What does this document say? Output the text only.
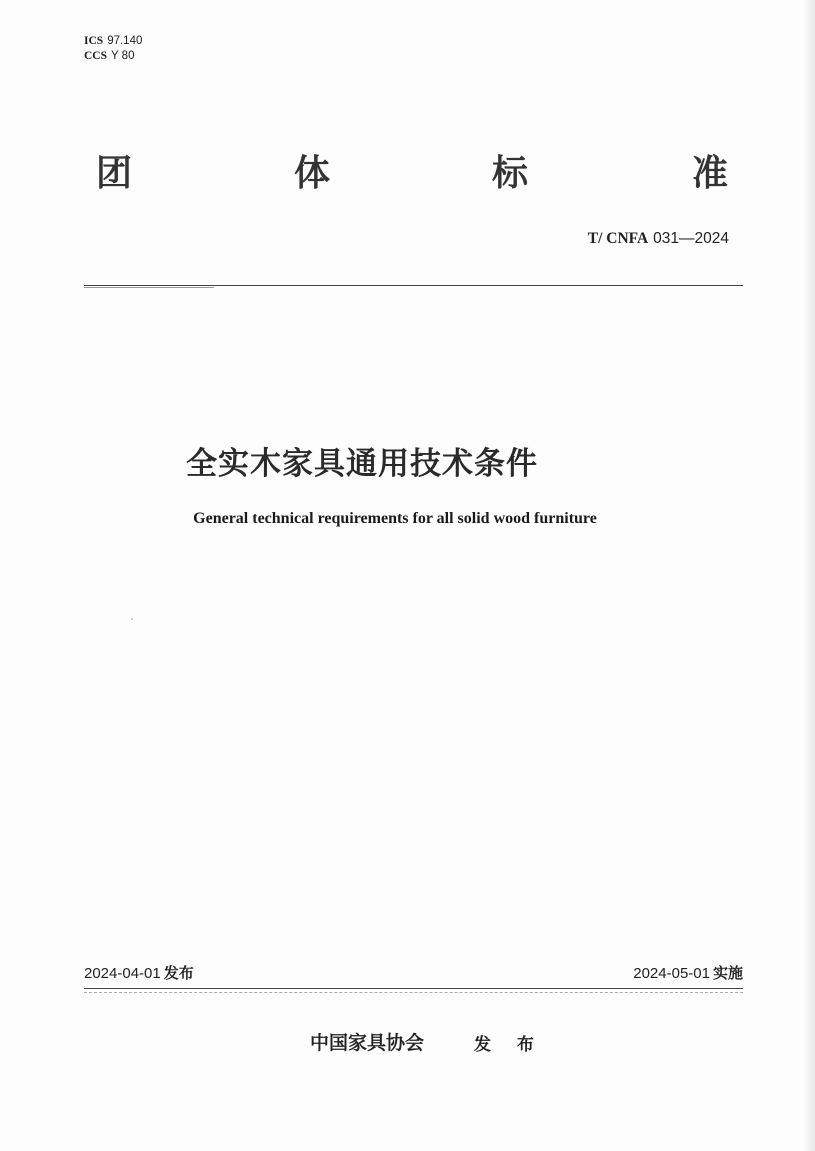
ICS 97.140
CCS Y 80
团	体	标	准
T/ CNFA 031—2024
全实木家具通用技术条件
General technical requirements for all solid wood furniture
2024-04-01 发布	2024-05-01 实施
中国家具协会	发 布
